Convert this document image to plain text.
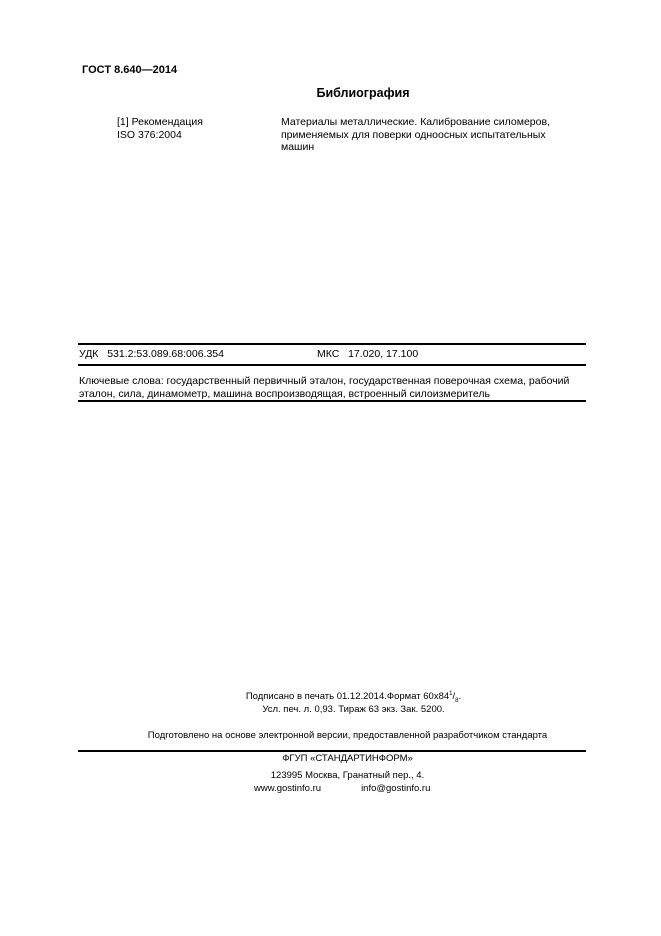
ГОСТ 8.640—2014
Библиография
[1] Рекомендация
ISO 376:2004
Материалы металлические. Калибрование силомеров,
применяемых для поверки одноосных испытательных
машин
УДК 531.2:53.089.68:006.354	МКС 17.020, 17.100
Ключевые слова: государственный первичный эталон, государственная поверочная схема, рабочий
эталон, сила, динамометр, машина воспроизводящая, встроенный силоизмеритель
Подписано в печать 01.12.2014.Формат $60x84^1/_8$.
Усл. печ. л. 0,93. Тираж 63 экз. Зак. 5200.
Подготовлено на основе электронной версии, предоставленной разработчиком стандарта
ФГУП «СТАНДАРТИНФОРМ»
123995 Москва, Гранатный пер., 4.
www.gostinfo.ru	info@gostinfo.ru
